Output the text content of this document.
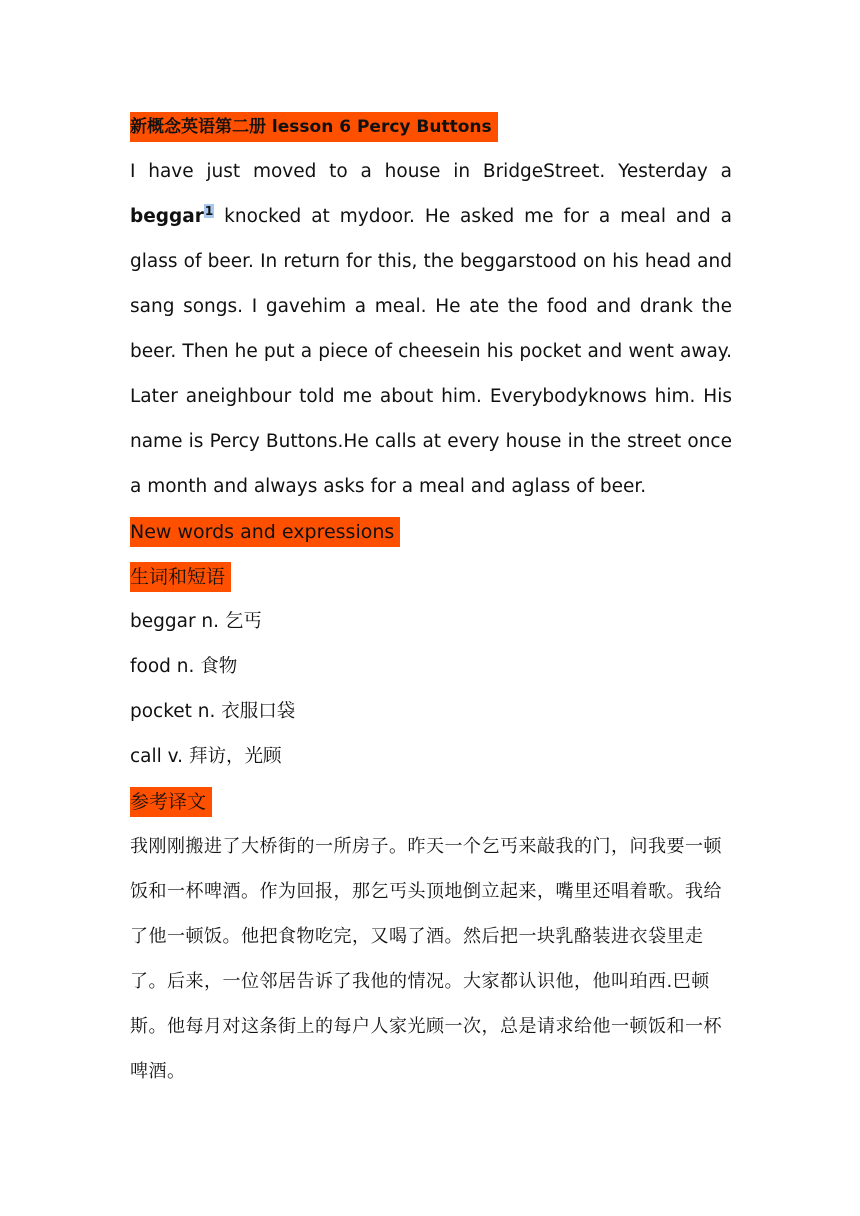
新概念英语第二册 lesson 6 Percy Buttons

I have just moved to a house in BridgeStreet. Yesterday a beggar1 knocked at mydoor. He asked me for a meal and a glass of beer. In return for this, the beggarstood on his head and sang songs. I gavehim a meal. He ate the food and drank the beer. Then he put a piece of cheesein his pocket and went away. Later aneighbour told me about him. Everybodyknows him. His name is Percy Buttons.He calls at every house in the street once a month and always asks for a meal and aglass of beer.

New words and expressions
生词和短语

beggar n. 乞丐

food n. 食物

pocket n. 衣服口袋

call v. 拜访，光顾

参考译文

我刚刚搬进了大桥街的一所房子。昨天一个乞丐来敲我的门，问我要一顿饭和一杯啤酒。作为回报，那乞丐头顶地倒立起来，嘴里还唱着歌。我给了他一顿饭。他把食物吃完，又喝了酒。然后把一块乳酪装进衣袋里走了。后来，一位邻居告诉了我他的情况。大家都认识他，他叫珀西.巴顿斯。他每月对这条街上的每户人家光顾一次，总是请求给他一顿饭和一杯啤酒。
